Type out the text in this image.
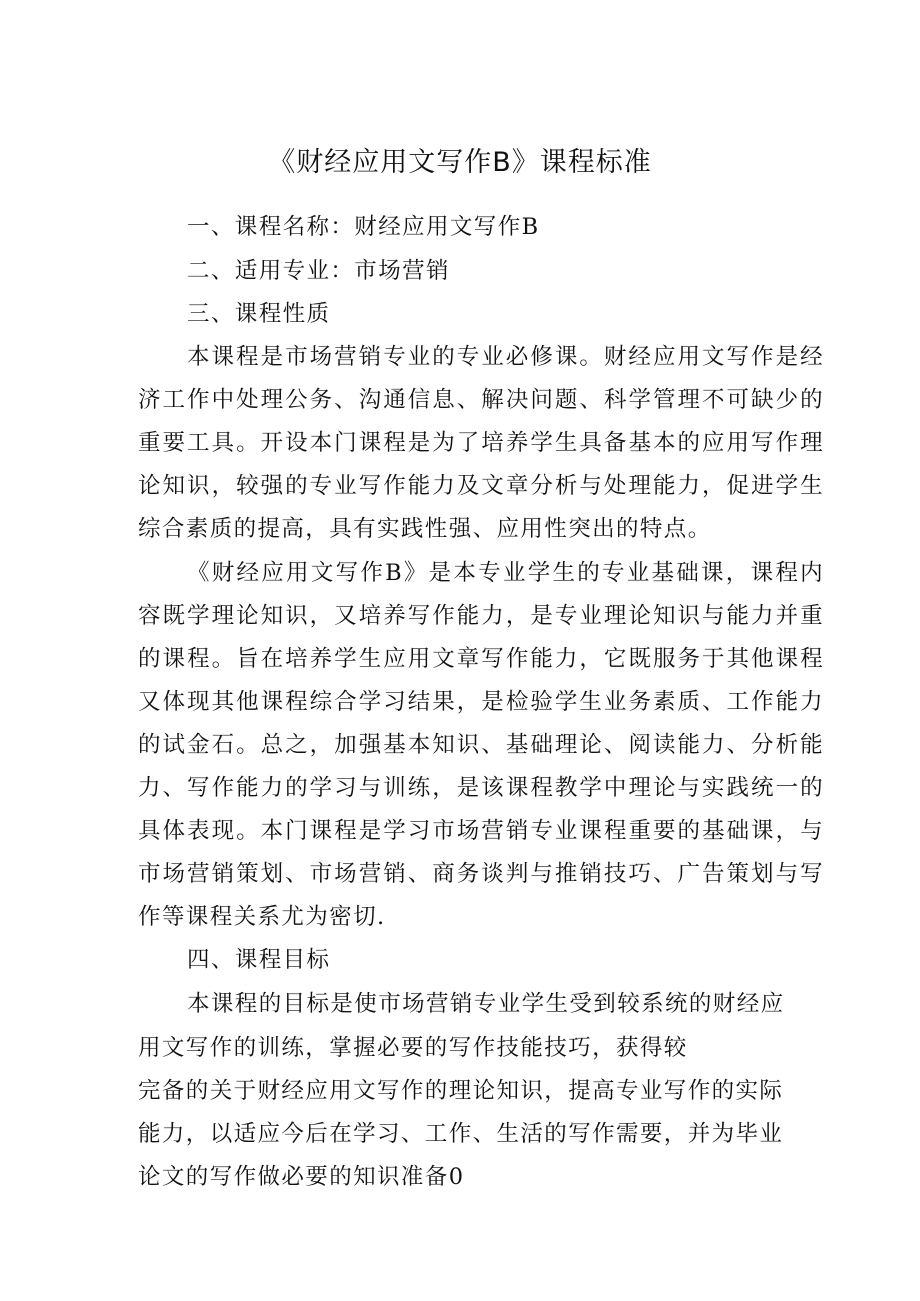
《财经应用文写作B》课程标准
一、课程名称：财经应用文写作B
二、适用专业：市场营销
三、课程性质
本课程是市场营销专业的专业必修课。财经应用文写作是经
济工作中处理公务、沟通信息、解决问题、科学管理不可缺少的
重要工具。开设本门课程是为了培养学生具备基本的应用写作理
论知识，较强的专业写作能力及文章分析与处理能力，促进学生
综合素质的提高，具有实践性强、应用性突出的特点。
《财经应用文写作B》是本专业学生的专业基础课，课程内
容既学理论知识，又培养写作能力，是专业理论知识与能力并重
的课程。旨在培养学生应用文章写作能力，它既服务于其他课程
又体现其他课程综合学习结果，是检验学生业务素质、工作能力
的试金石。总之，加强基本知识、基础理论、阅读能力、分析能
力、写作能力的学习与训练，是该课程教学中理论与实践统一的
具体表现。本门课程是学习市场营销专业课程重要的基础课，与
市场营销策划、市场营销、商务谈判与推销技巧、广告策划与写
作等课程关系尤为密切.
四、课程目标
本课程的目标是使市场营销专业学生受到较系统的财经应
用文写作的训练，掌握必要的写作技能技巧，获得较
完备的关于财经应用文写作的理论知识，提高专业写作的实际
能力，以适应今后在学习、工作、生活的写作需要，并为毕业
论文的写作做必要的知识准备0
